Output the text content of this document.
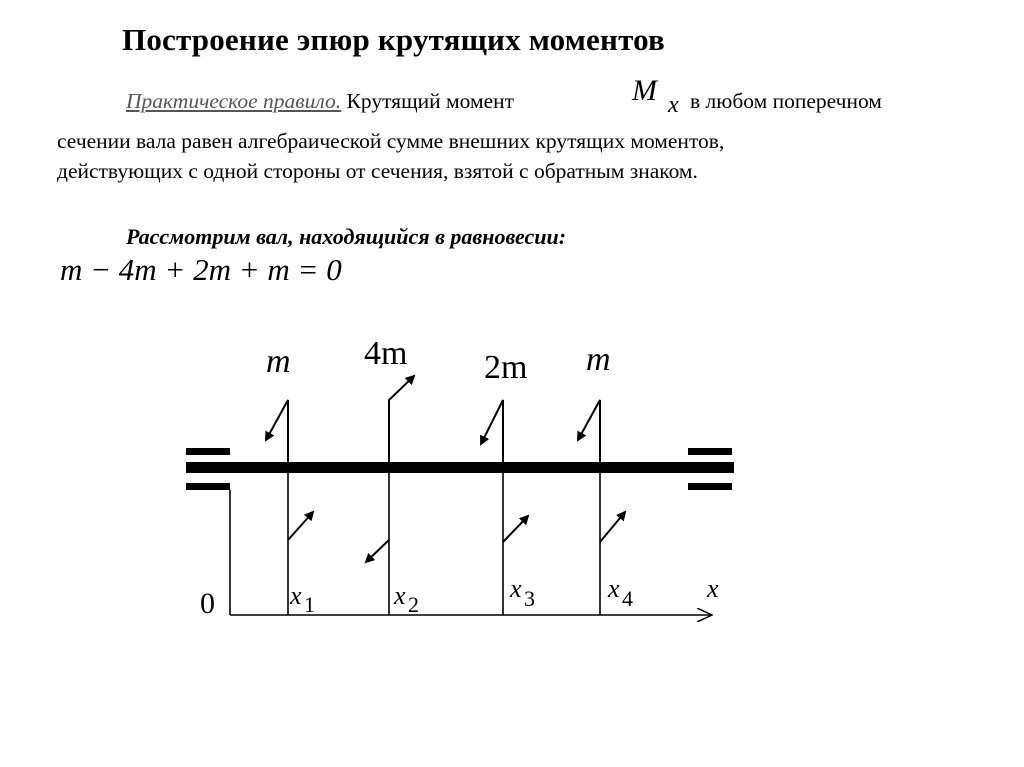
Построение эпюр крутящих моментов
Практическое правило. Крутящий момент	M x в любом поперечном
сечении вала равен алгебраической сумме внешних крутящих моментов,
действующих с одной стороны от сечения, взятой с обратным знаком.
Рассмотрим вал, находящийся в равновесии:
m − 4m + 2m + m = 0
m 4m 2m m
0	x 1	x 2
x 3	x 4	x
